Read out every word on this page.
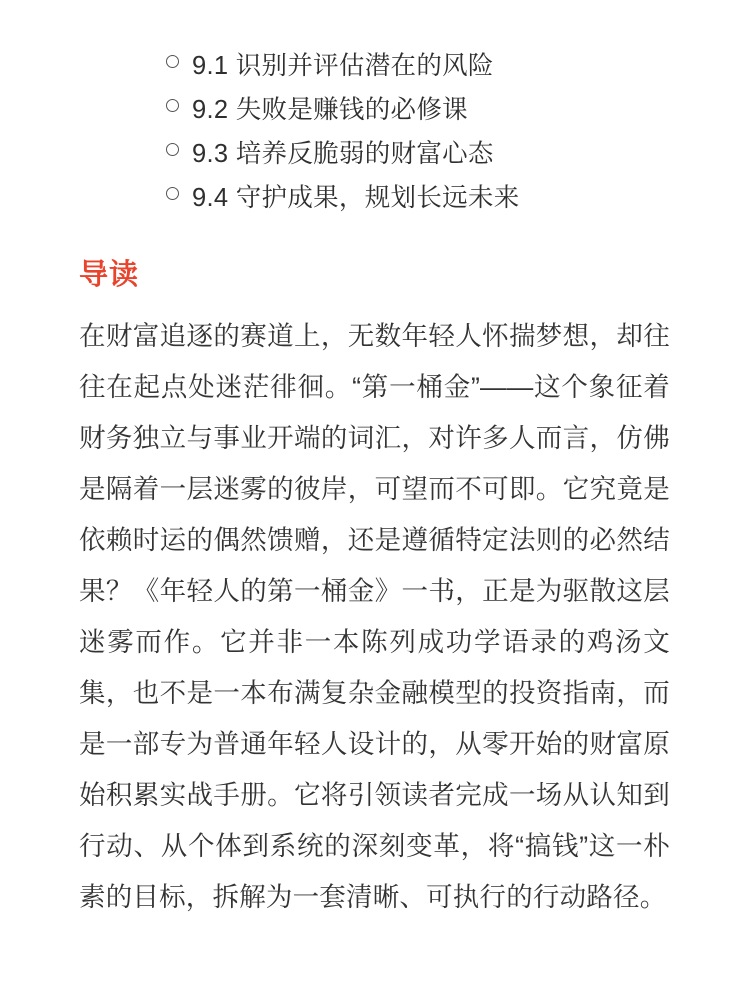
9.1 识别并评估潜在的风险
9.2 失败是赚钱的必修课
9.3 培养反脆弱的财富心态
9.4 守护成果，规划长远未来
导读

在财富追逐的赛道上，无数年轻人怀揣梦想，却往往在起点处迷茫徘徊。“第一桶金”——这个象征着财务独立与事业开端的词汇，对许多人而言，仿佛是隔着一层迷雾的彼岸，可望而不可即。它究竟是依赖时运的偶然馈赠，还是遵循特定法则的必然结果？《年轻人的第一桶金》一书，正是为驱散这层迷雾而作。它并非一本陈列成功学语录的鸡汤文集，也不是一本布满复杂金融模型的投资指南，而是一部专为普通年轻人设计的，从零开始的财富原始积累实战手册。它将引领读者完成一场从认知到行动、从个体到系统的深刻变革，将“搞钱”这一朴素的目标，拆解为一套清晰、可执行的行动路径。
